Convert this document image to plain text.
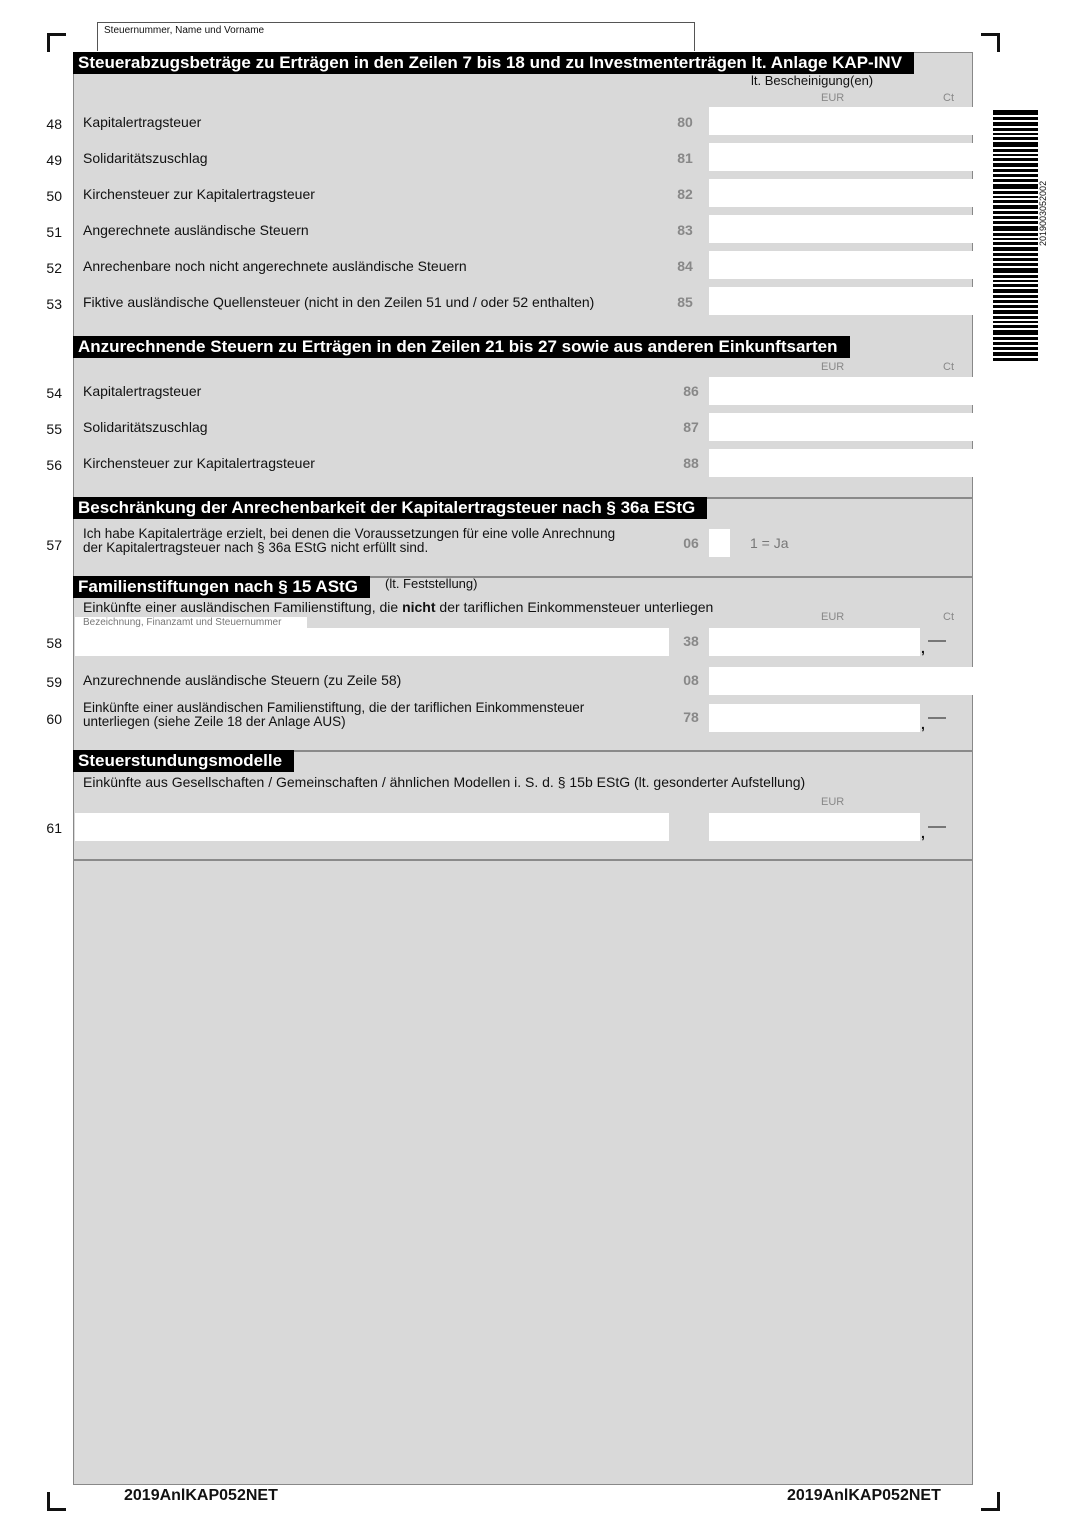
Steuernummer, Name und Vorname
Steuerabzugsbeträge zu Erträgen in den Zeilen 7 bis 18 und zu Investmenterträgen lt. Anlage KAP-INV
lt. Bescheinigung(en)
EUR	Ct
48 Kapitalertragsteuer	80
49 Solidaritätszuschlag	81
50 Kirchensteuer zur Kapitalertragsteuer	82
51 Angerechnete ausländische Steuern	83
52 Anrechenbare noch nicht angerechnete ausländische Steuern	84
53 Fiktive ausländische Quellensteuer (nicht in den Zeilen 51 und / oder 52 enthalten)	85
Anzurechnende Steuern zu Erträgen in den Zeilen 21 bis 27 sowie aus anderen Einkunftsarten
EUR	Ct
54 Kapitalertragsteuer	86
55 Solidaritätszuschlag	87
56 Kirchensteuer zur Kapitalertragsteuer	88
Beschränkung der Anrechenbarkeit der Kapitalertragsteuer nach § 36a EStG
57
Ich habe Kapitalerträge erzielt, bei denen die Voraussetzungen für eine volle Anrechnung
der Kapitalertragsteuer nach § 36a EStG nicht erfüllt sind.	06	1 = Ja
Familienstiftungen nach § 15 AStG	(lt. Feststellung)
Einkünfte einer ausländischen Familienstiftung, die nicht der tariflichen Einkommensteuer unterliegen
EUR	Ct
58
Bezeichnung, Finanzamt und Steuernummer
38	,
59 Anzurechnende ausländische Steuern (zu Zeile 58)	08
60
Einkünfte einer ausländischen Familienstiftung, die der tariflichen Einkommensteuer
unterliegen (siehe Zeile 18 der Anlage AUS)	78	,
Steuerstundungsmodelle
Einkünfte aus Gesellschaften / Gemeinschaften / ähnlichen Modellen i. S. d. § 15b EStG (lt. gesonderter Aufstellung)
EUR
61	,
2019003052002
2019AnlKAP052NET	2019AnlKAP052NET
